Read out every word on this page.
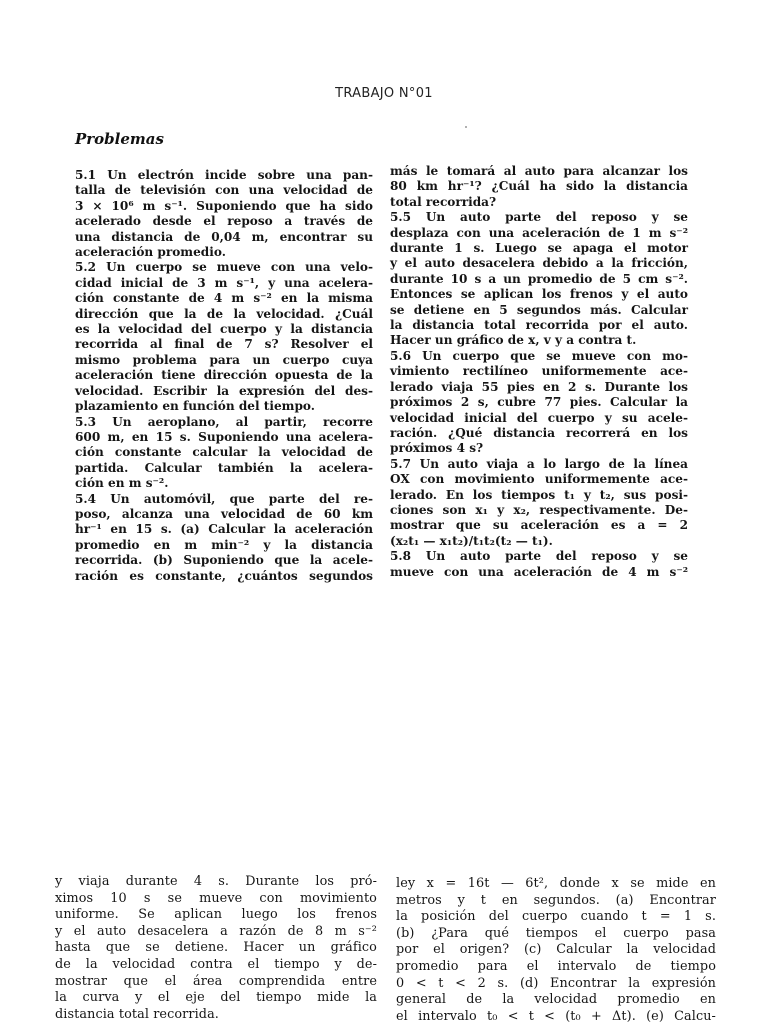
TRABAJO N°01
Problemas
5.1 Un electrón incide sobre una pan-
talla de televisión con una velocidad de
3 × 10⁶ m s⁻¹. Suponiendo que ha sido
acelerado desde el reposo a través de
una distancia de 0,04 m, encontrar su
aceleración promedio.
5.2 Un cuerpo se mueve con una velo-
cidad inicial de 3 m s⁻¹, y una acelera-
ción constante de 4 m s⁻² en la misma
dirección que la de la velocidad. ¿Cuál
es la velocidad del cuerpo y la distancia
recorrida al final de 7 s? Resolver el
mismo problema para un cuerpo cuya
aceleración tiene dirección opuesta de la
velocidad. Escribir la expresión del des-
plazamiento en función del tiempo.
5.3 Un aeroplano, al partir, recorre
600 m, en 15 s. Suponiendo una acelera-
ción constante calcular la velocidad de
partida. Calcular también la acelera-
ción en m s⁻².
5.4 Un automóvil, que parte del re-
poso, alcanza una velocidad de 60 km
hr⁻¹ en 15 s. (a) Calcular la aceleración
promedio en m min⁻² y la distancia
recorrida. (b) Suponiendo que la acele-
ración es constante, ¿cuántos segundos
más le tomará al auto para alcanzar los
80 km hr⁻¹? ¿Cuál ha sido la distancia
total recorrida?
5.5 Un auto parte del reposo y se
desplaza con una aceleración de 1 m s⁻²
durante 1 s. Luego se apaga el motor
y el auto desacelera debido a la fricción,
durante 10 s a un promedio de 5 cm s⁻².
Entonces se aplican los frenos y el auto
se detiene en 5 segundos más. Calcular
la distancia total recorrida por el auto.
Hacer un gráfico de x, v y a contra t.
5.6 Un cuerpo que se mueve con mo-
vimiento rectilíneo uniformemente ace-
lerado viaja 55 pies en 2 s. Durante los
próximos 2 s, cubre 77 pies. Calcular la
velocidad inicial del cuerpo y su acele-
ración. ¿Qué distancia recorrerá en los
próximos 4 s?
5.7 Un auto viaja a lo largo de la línea
OX con movimiento uniformemente ace-
lerado. En los tiempos t₁ y t₂, sus posi-
ciones son x₁ y x₂, respectivamente. De-
mostrar que su aceleración es a = 2
(x₂t₁ — x₁t₂)/t₁t₂(t₂ — t₁).
5.8 Un auto parte del reposo y se
mueve con una aceleración de 4 m s⁻²
y viaja durante 4 s. Durante los pró-
ximos 10 s se mueve con movimiento
uniforme. Se aplican luego los frenos
y el auto desacelera a razón de 8 m s⁻²
hasta que se detiene. Hacer un gráfico
de la velocidad contra el tiempo y de-
mostrar que el área comprendida entre
la curva y el eje del tiempo mide la
distancia total recorrida.
ley x = 16t — 6t², donde x se mide en
metros y t en segundos. (a) Encontrar
la posición del cuerpo cuando t = 1 s.
(b) ¿Para qué tiempos el cuerpo pasa
por el origen? (c) Calcular la velocidad
promedio para el intervalo de tiempo
0 < t < 2 s. (d) Encontrar la expresión
general de la velocidad promedio en
el intervalo t₀ < t < (t₀ + Δt). (e) Calcu-
